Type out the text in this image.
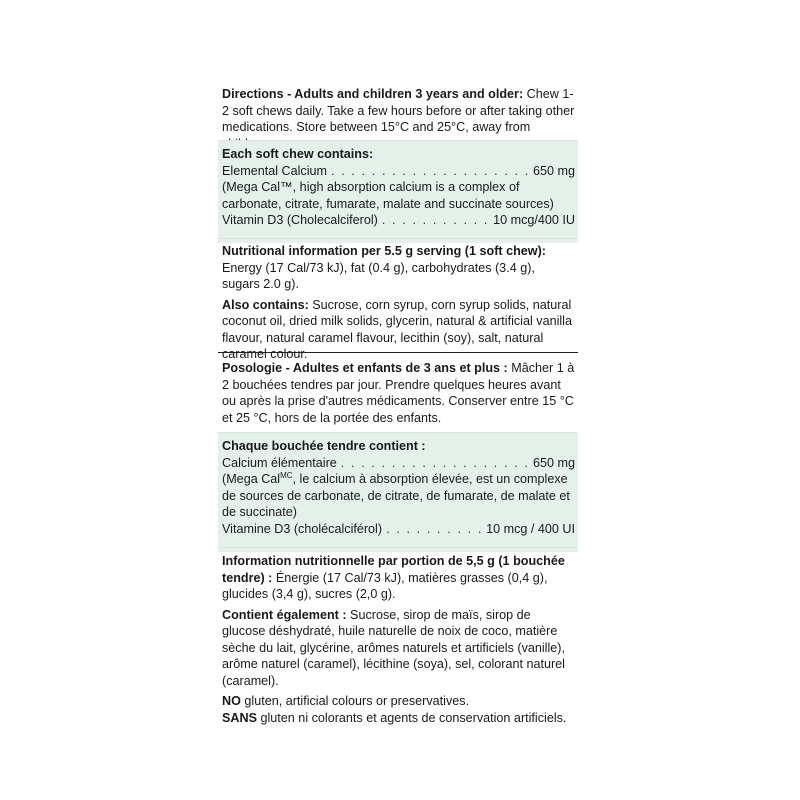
Directions - Adults and children 3 years and older: Chew 1-2 soft chews daily. Take a few hours before or after taking other medications. Store between 15°C and 25°C, away from

Each soft chew contains:

Elemental Calcium . . .	650 mg

(Mega Cal™, high absorption calcium is a complex of carbonate, citrate, fumarate, malate and succinate sources)

Vitamin D3 (Cholecalciferol) . . .	10 mcg/400 IU

Nutritional information per 5.5 g serving (1 soft chew): Energy (17 Cal/73 kJ), fat (0.4 g), carbohydrates (3.4 g), sugars 2.0 g).

Also contains: Sucrose, corn syrup, corn syrup solids, natural coconut oil, dried milk solids, glycerin, natural & artificial vanilla flavour, natural caramel flavour, lecithin (soy), salt, natural caramel colour.

Posologie - Adultes et enfants de 3 ans et plus : Mâcher 1 à 2 bouchées tendres par jour. Prendre quelques heures avant ou après la prise d'autres médicaments. Conserver entre 15 °C et 25 °C, hors de la portée des enfants.

Chaque bouchée tendre contient :

Calcium élémentaire . . .	650 mg

(Mega Cal$^{MC}$, le calcium à absorption élevée, est un complexe de sources de carbonate, de citrate, de fumarate, de malate et de succinate)

Vitamine D3 (cholécalciférol) . . .	10 mcg / 400 UI

Information nutritionnelle par portion de 5,5 g (1 bouchée tendre) : Énergie (17 Cal/73 kJ), matières grasses (0,4 g), glucides (3,4 g), sucres (2,0 g).

Contient également : Sucrose, sirop de maïs, sirop de glucose déshydraté, huile naturelle de noix de coco, matière sèche du lait, glycérine, arômes naturels et artificiels (vanille), arôme naturel (caramel), lécithine (soya), sel, colorant naturel (caramel).

NO gluten, artificial colours or preservatives.

SANS gluten ni colorants et agents de conservation artificiels.
